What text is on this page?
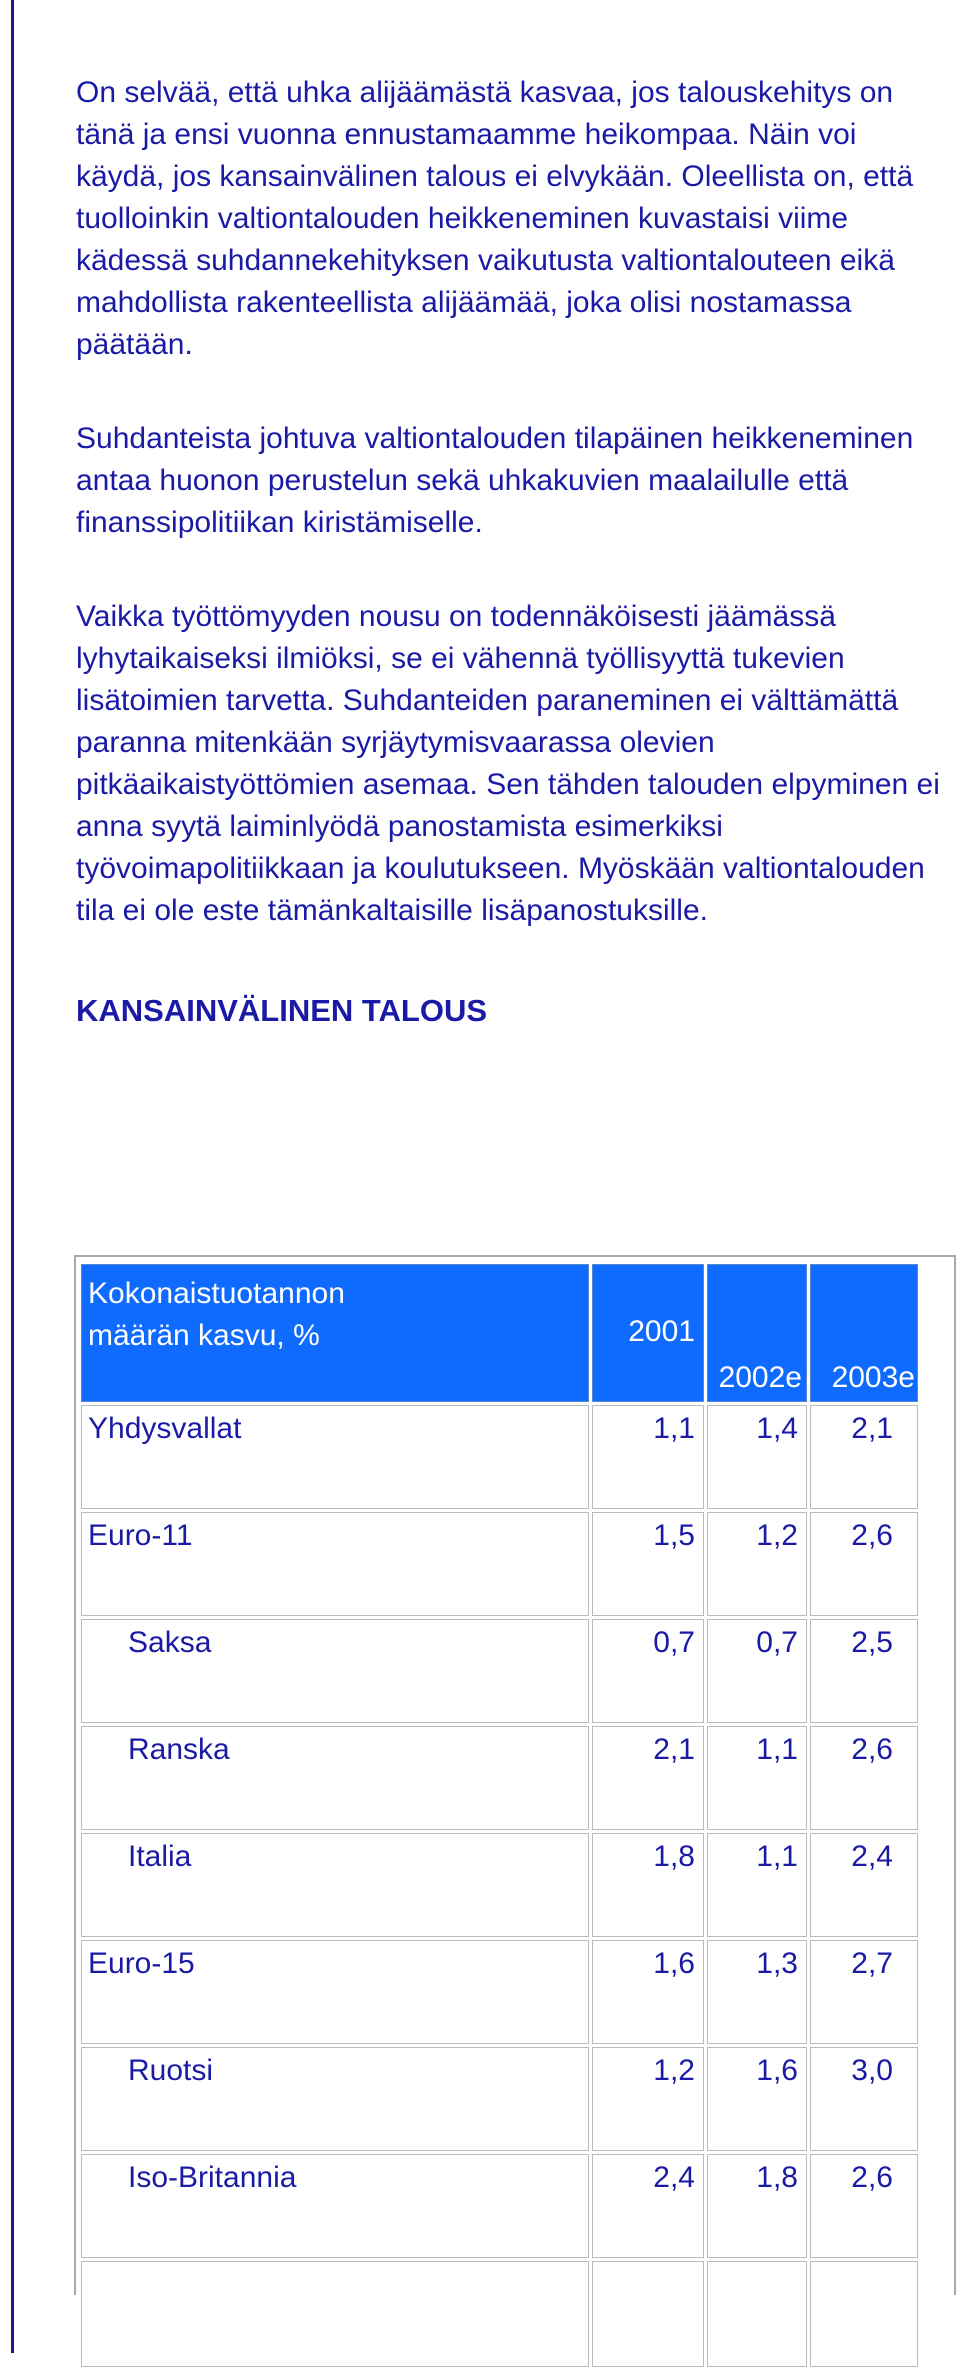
On selvää, että uhka alijäämästä kasvaa, jos talouskehitys on tänä ja ensi vuonna ennustamaamme heikompaa. Näin voi käydä, jos kansainvälinen talous ei elvykään. Oleellista on, että tuolloinkin valtiontalouden heikkeneminen kuvastaisi viime kädessä suhdannekehityksen vaikutusta valtiontalouteen eikä mahdollista rakenteellista alijäämää, joka olisi nostamassa päätään.

Suhdanteista johtuva valtiontalouden tilapäinen heikkeneminen antaa huonon perustelun sekä uhkakuvien maalailulle että finanssipolitiikan kiristämiselle.

Vaikka työttömyyden nousu on todennäköisesti jäämässä lyhytaikaiseksi ilmiöksi, se ei vähennä työllisyyttä tukevien lisätoimien tarvetta. Suhdanteiden paraneminen ei välttämättä paranna mitenkään syrjäytymisvaarassa olevien pitkäaikaistyöttömien asemaa. Sen tähden talouden elpyminen ei anna syytä laiminlyödä panostamista esimerkiksi työvoimapolitiikkaan ja koulutukseen. Myöskään valtiontalouden tila ei ole este tämänkaltaisille lisäpanostuksille.

KANSAINVÄLINEN TALOUS
Kokonaistuotannon
määrän kasvu, %	2001	2002e	2003e
Yhdysvallat	1,1	1,4	2,1
Euro-11	1,5	1,2	2,6
Saksa	0,7	0,7	2,5
Ranska	2,1	1,1	2,6
Italia	1,8	1,1	2,4
Euro-15	1,6	1,3	2,7
Ruotsi	1,2	1,6	3,0
Iso-Britannia	2,4	1,8	2,6
